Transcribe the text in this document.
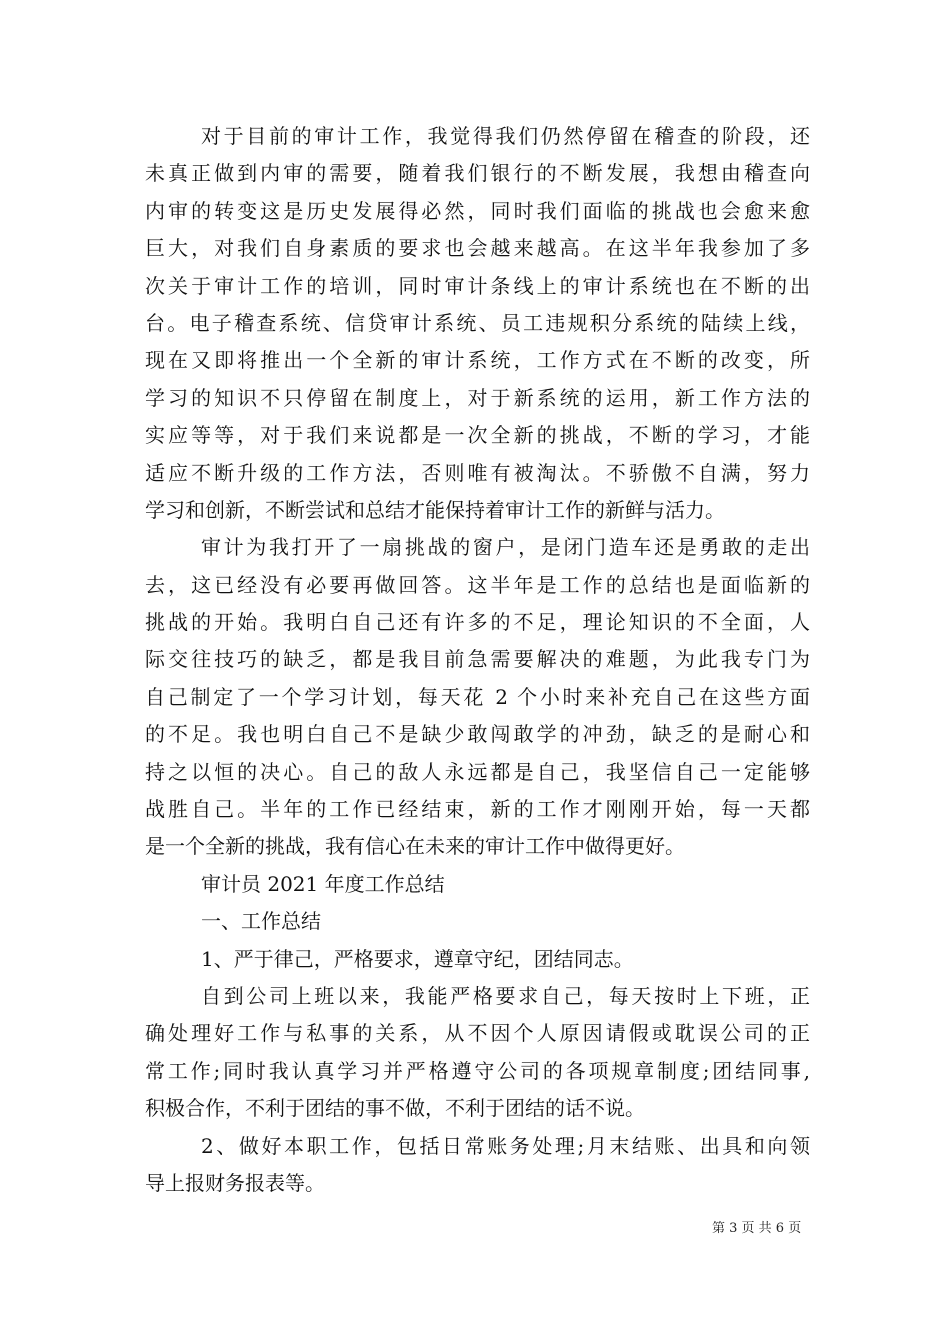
对于目前的审计工作，我觉得我们仍然停留在稽查的阶段，还
未真正做到内审的需要，随着我们银行的不断发展，我想由稽查向
内审的转变这是历史发展得必然，同时我们面临的挑战也会愈来愈
巨大，对我们自身素质的要求也会越来越高。在这半年我参加了多
次关于审计工作的培训，同时审计条线上的审计系统也在不断的出
台。电子稽查系统、信贷审计系统、员工违规积分系统的陆续上线，
现在又即将推出一个全新的审计系统，工作方式在不断的改变，所
学习的知识不只停留在制度上，对于新系统的运用，新工作方法的
实应等等，对于我们来说都是一次全新的挑战，不断的学习，才能
适应不断升级的工作方法，否则唯有被淘汰。不骄傲不自满，努力
学习和创新，不断尝试和总结才能保持着审计工作的新鲜与活力。
审计为我打开了一扇挑战的窗户，是闭门造车还是勇敢的走出
去，这已经没有必要再做回答。这半年是工作的总结也是面临新的
挑战的开始。我明白自己还有许多的不足，理论知识的不全面，人
际交往技巧的缺乏，都是我目前急需要解决的难题，为此我专门为
自己制定了一个学习计划，每天花 2 个小时来补充自己在这些方面
的不足。我也明白自己不是缺少敢闯敢学的冲劲，缺乏的是耐心和
持之以恒的决心。自己的敌人永远都是自己，我坚信自己一定能够
战胜自己。半年的工作已经结束，新的工作才刚刚开始，每一天都
是一个全新的挑战，我有信心在未来的审计工作中做得更好。
审计员 2021 年度工作总结
一、工作总结
1、严于律己，严格要求，遵章守纪，团结同志。
自到公司上班以来，我能严格要求自己，每天按时上下班，正
确处理好工作与私事的关系，从不因个人原因请假或耽误公司的正
常工作;同时我认真学习并严格遵守公司的各项规章制度;团结同事,
积极合作，不利于团结的事不做，不利于团结的话不说。
2、做好本职工作，包括日常账务处理;月末结账、出具和向领
导上报财务报表等。
第 3 页 共 6 页
